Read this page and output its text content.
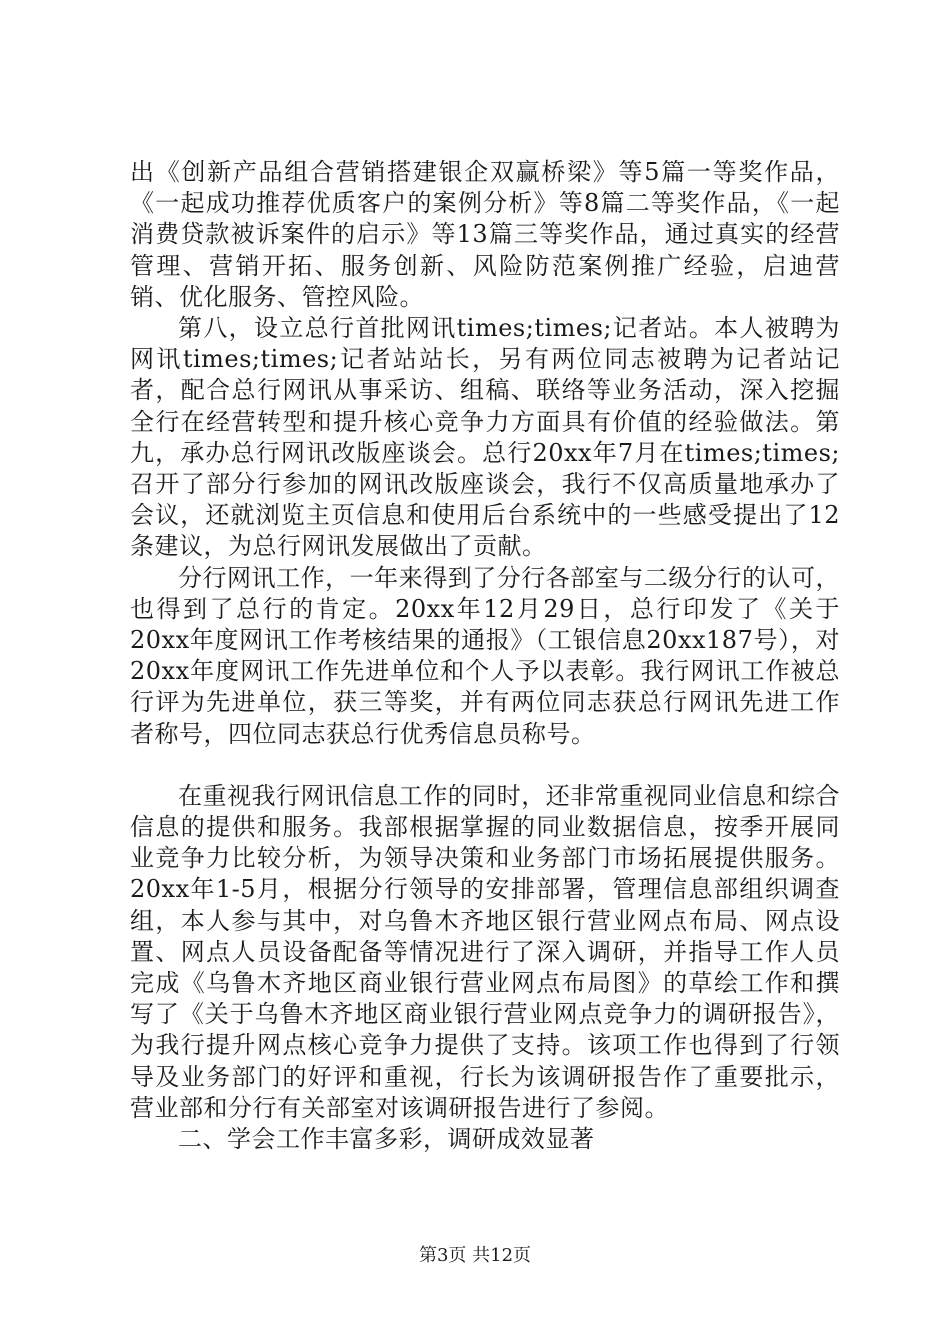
出《创新产品组合营销搭建银企双赢桥梁》等5篇一等奖作品，《一起成功推荐优质客户的案例分析》等8篇二等奖作品，《一起消费贷款被诉案件的启示》等13篇三等奖作品，通过真实的经营管理、营销开拓、服务创新、风险防范案例推广经验，启迪营销、优化服务、管控风险。

第八，设立总行首批网讯times;times;记者站。本人被聘为网讯times;times;记者站站长，另有两位同志被聘为记者站记者，配合总行网讯从事采访、组稿、联络等业务活动，深入挖掘全行在经营转型和提升核心竞争力方面具有价值的经验做法。第九，承办总行网讯改版座谈会。总行20xx年7月在times;times;召开了部分行参加的网讯改版座谈会，我行不仅高质量地承办了会议，还就浏览主页信息和使用后台系统中的一些感受提出了12条建议，为总行网讯发展做出了贡献。

分行网讯工作，一年来得到了分行各部室与二级分行的认可，也得到了总行的肯定。20xx年12月29日，总行印发了《关于20xx年度网讯工作考核结果的通报》（工银信息20xx187号），对20xx年度网讯工作先进单位和个人予以表彰。我行网讯工作被总行评为先进单位，获三等奖，并有两位同志获总行网讯先进工作者称号，四位同志获总行优秀信息员称号。

在重视我行网讯信息工作的同时，还非常重视同业信息和综合信息的提供和服务。我部根据掌握的同业数据信息，按季开展同业竞争力比较分析，为领导决策和业务部门市场拓展提供服务。20xx年1-5月，根据分行领导的安排部署，管理信息部组织调查组，本人参与其中，对乌鲁木齐地区银行营业网点布局、网点设置、网点人员设备配备等情况进行了深入调研，并指导工作人员完成《乌鲁木齐地区商业银行营业网点布局图》的草绘工作和撰写了《关于乌鲁木齐地区商业银行营业网点竞争力的调研报告》，为我行提升网点核心竞争力提供了支持。该项工作也得到了行领导及业务部门的好评和重视，行长为该调研报告作了重要批示，营业部和分行有关部室对该调研报告进行了参阅。

二、学会工作丰富多彩，调研成效显著

第3页 共12页
